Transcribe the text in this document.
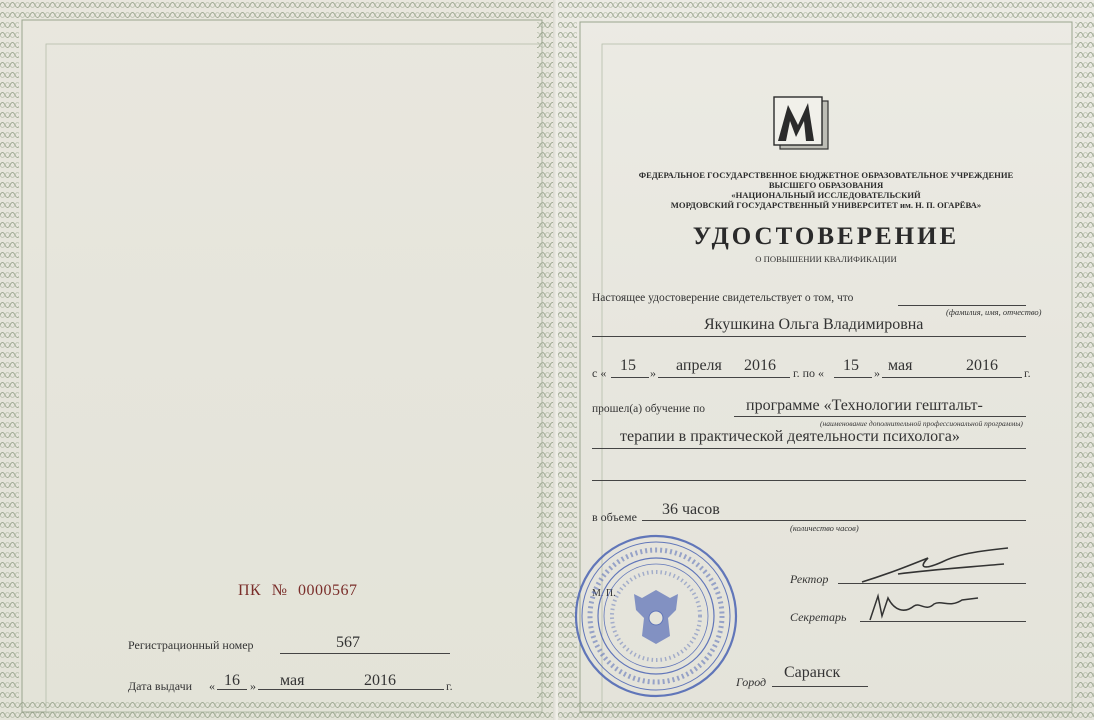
ПК № 0000567
Регистрационный номер	567
Дата выдачи « 16 » мая	2016	г.
ФЕДЕРАЛЬНОЕ ГОСУДАРСТВЕННОЕ БЮДЖЕТНОЕ ОБРАЗОВАТЕЛЬНОЕ УЧРЕЖДЕНИЕ
ВЫСШЕГО ОБРАЗОВАНИЯ
«НАЦИОНАЛЬНЫЙ ИССЛЕДОВАТЕЛЬСКИЙ
МОРДОВСКИЙ ГОСУДАРСТВЕННЫЙ УНИВЕРСИТЕТ им. Н. П. ОГАРЁВА»
УДОСТОВЕРЕНИЕ
О ПОВЫШЕНИИ КВАЛИФИКАЦИИ
Настоящее удостоверение свидетельствует о том, что
(фамилия, имя, отчество)
Якушкина Ольга Владимировна
с « 15 » апреля 2016 г. по « 15 » мая	2016 г.
прошел(а) обучение по	программе «Технологии гештальт-
(наименование дополнительной профессиональной программы)
терапии в практической деятельности психолога»
в объеме 36 часов
(количество часов)
Ректор
Секретарь
М. П.
Город
Саранск
